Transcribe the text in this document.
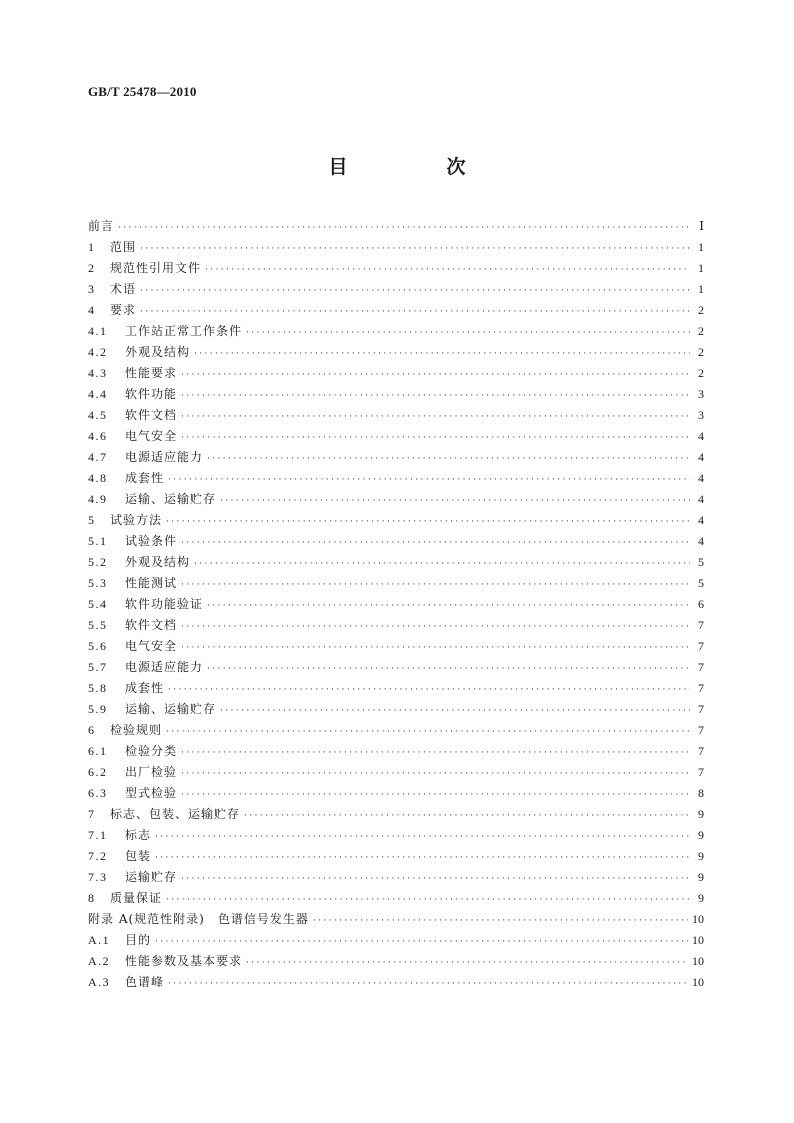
GB/T 25478—2010
目　次
前言 ·····	Ⅰ
1	范围 ·····	1
2	规范性引用文件 ·····	1
3	术语 ·····	1
4	要求 ·····	2
4.1	工作站正常工作条件 ·····	2
4.2	外观及结构 ·····	2
4.3	性能要求 ·····	2
4.4	软件功能 ·····	3
4.5	软件文档 ·····	3
4.6	电气安全 ·····	4
4.7	电源适应能力 ·····	4
4.8	成套性 ·····	4
4.9	运输、运输贮存 ·····	4
5	试验方法 ·····	4
5.1	试验条件 ·····	4
5.2	外观及结构 ·····	5
5.3	性能测试 ·····	5
5.4	软件功能验证 ·····	6
5.5	软件文档 ·····	7
5.6	电气安全 ·····	7
5.7	电源适应能力 ·····	7
5.8	成套性 ·····	7
5.9	运输、运输贮存 ·····	7
6	检验规则 ·····	7
6.1	检验分类 ·····	7
6.2	出厂检验 ·····	7
6.3	型式检验 ·····	8
7	标志、包装、运输贮存 ·····	9
7.1	标志 ·····	9
7.2	包装 ·····	9
7.3	运输贮存 ·····	9
8	质量保证 ·····	9
附录 A(规范性附录)　色谱信号发生器 ·····	10
A.1	目的 ·····	10
A.2	性能参数及基本要求 ·····	10
A.3	色谱峰 ·····	10
